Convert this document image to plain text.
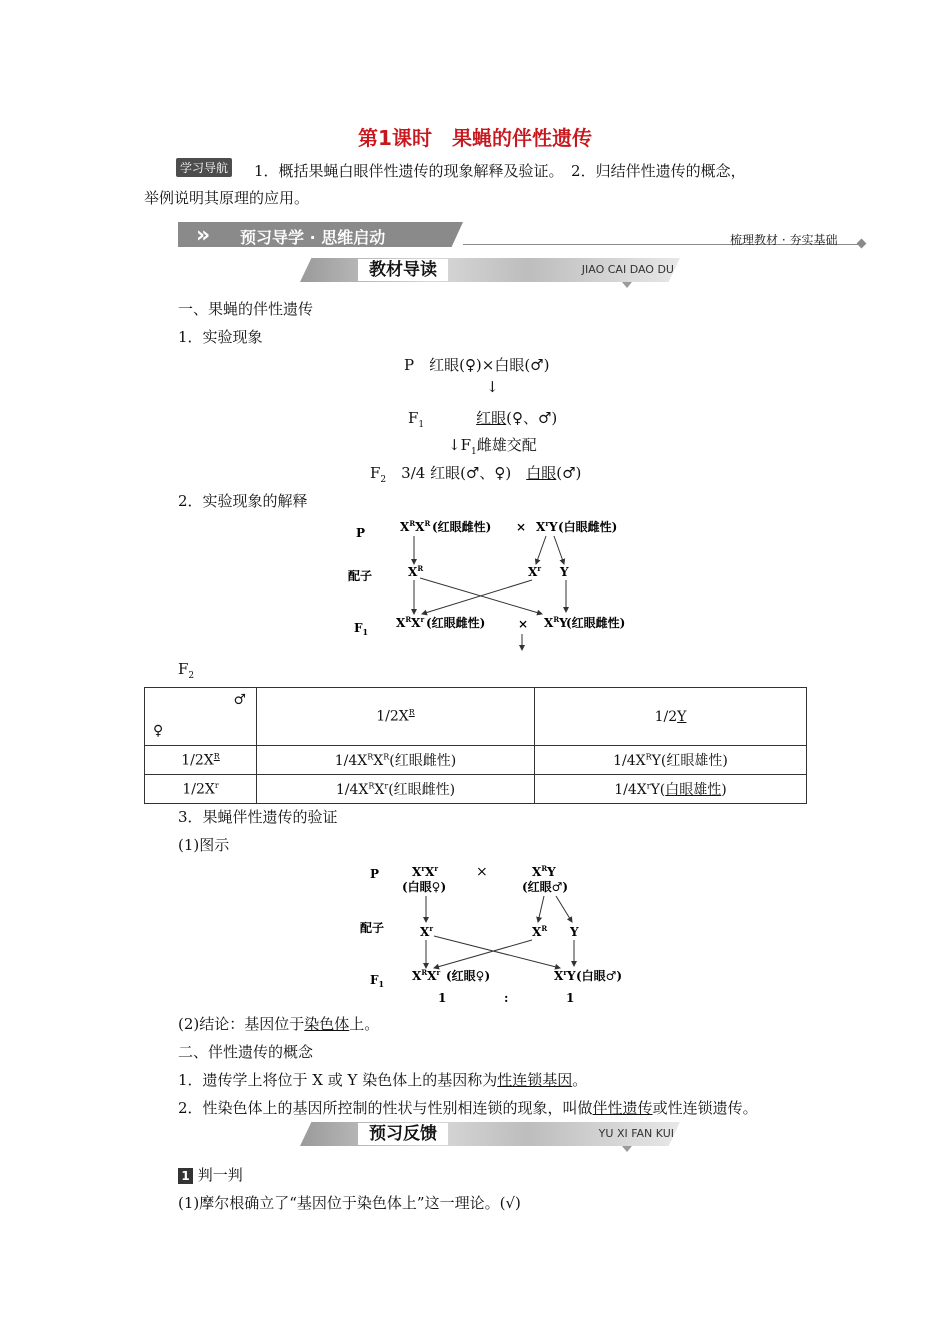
第1课时　果蝇的伴性遗传
学习导航 1．概括果蝇白眼伴性遗传的现象解释及验证。　2．归结伴性遗传的概念，
举例说明其原理的应用。
» 预习导学 · 思维启动	梳理教材 · 夯实基础
教材导读	JIAO CAI DAO DU
一、果蝇的伴性遗传
1．实验现象
P　红眼(♀)×白眼(♂)
↓
$F_1$	红眼(♀、♂)
$↓F_1$雌雄交配
$F_2$　 3/4 红眼(♂、♀)　 白眼(♂)
2．实验现象的解释
P	$X^RX^R$ (红眼雌性) × $X^rY$ (白眼雌性)
配子	$X^R$	$X^r$ Y
$F_1$
$X^RX^r$ (红眼雌性)	× $X^RY$
(红眼雌性)
$F_2$
♂
♀	$1/2X^R$	1/2Y
$1/2X^R$	$1/4X^RX^R$(红眼雌性)	$1/4X^RY$(红眼雄性)
$1/2X^r$	$1/4X^RX^r$(红眼雌性)	$1/4X^rY$(白眼雄性)
3．果蝇伴性遗传的验证
(1)图示
P	$X^rX^r$
(白眼♀)
×	$X^RY$
(红眼♂)
配子	$X^r$	$X^R$ Y
$F_1$
$X^RX^r$ (红眼♀)	$X^rY$ (白眼♂)
1	:	1
(2)结论：基因位于染色体上。
二、伴性遗传的概念
1．遗传学上将位于 X 或 Y 染色体上的基因称为性连锁基因。
2．性染色体上的基因所控制的性状与性别相连锁的现象，叫做伴性遗传或性连锁遗传。
预习反馈	YU XI FAN KUI
1 判一判
(1)摩尔根确立了“基因位于染色体上”这一理论。(√)
